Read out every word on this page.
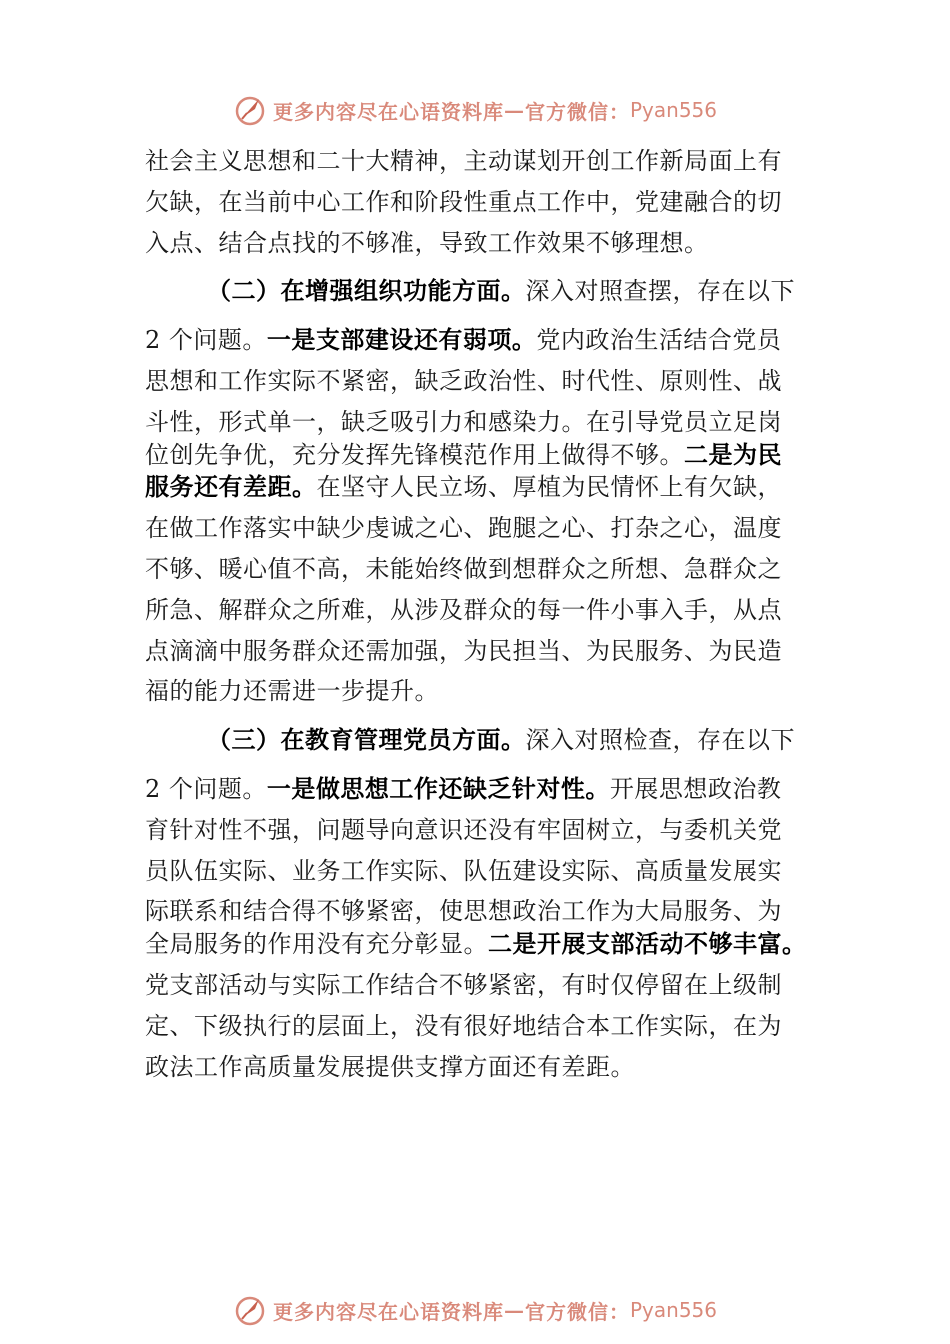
更多内容尽在心语资料库 — 官方微信： Pyan556
社会主义思想和二十大精神，主动谋划开创工作新局面上有
欠缺，在当前中心工作和阶段性重点工作中，党建融合的切
入点、结合点找的不够准，导致工作效果不够理想。
（二）在增强组织功能方面。深入对照查摆，存在以下
2 个问题。一是支部建设还有弱项。党内政治生活结合党员
思想和工作实际不紧密，缺乏政治性、时代性、原则性、战
斗性，形式单一，缺乏吸引力和感染力。在引导党员立足岗
位创先争优，充分发挥先锋模范作用上做得不够。二是为民
服务还有差距。在坚守人民立场、厚植为民情怀上有欠缺，
在做工作落实中缺少虔诚之心、跑腿之心、打杂之心，温度
不够、暖心值不高，未能始终做到想群众之所想、急群众之
所急、解群众之所难，从涉及群众的每一件小事入手，从点
点滴滴中服务群众还需加强，为民担当、为民服务、为民造
福的能力还需进一步提升。
（三）在教育管理党员方面。深入对照检查，存在以下
2 个问题。一是做思想工作还缺乏针对性。开展思想政治教
育针对性不强，问题导向意识还没有牢固树立，与委机关党
员队伍实际、业务工作实际、队伍建设实际、高质量发展实
际联系和结合得不够紧密，使思想政治工作为大局服务、为
全局服务的作用没有充分彰显。二是开展支部活动不够丰富。
党支部活动与实际工作结合不够紧密，有时仅停留在上级制
定、下级执行的层面上，没有很好地结合本工作实际，在为
政法工作高质量发展提供支撑方面还有差距。
更多内容尽在心语资料库 — 官方微信： Pyan556
